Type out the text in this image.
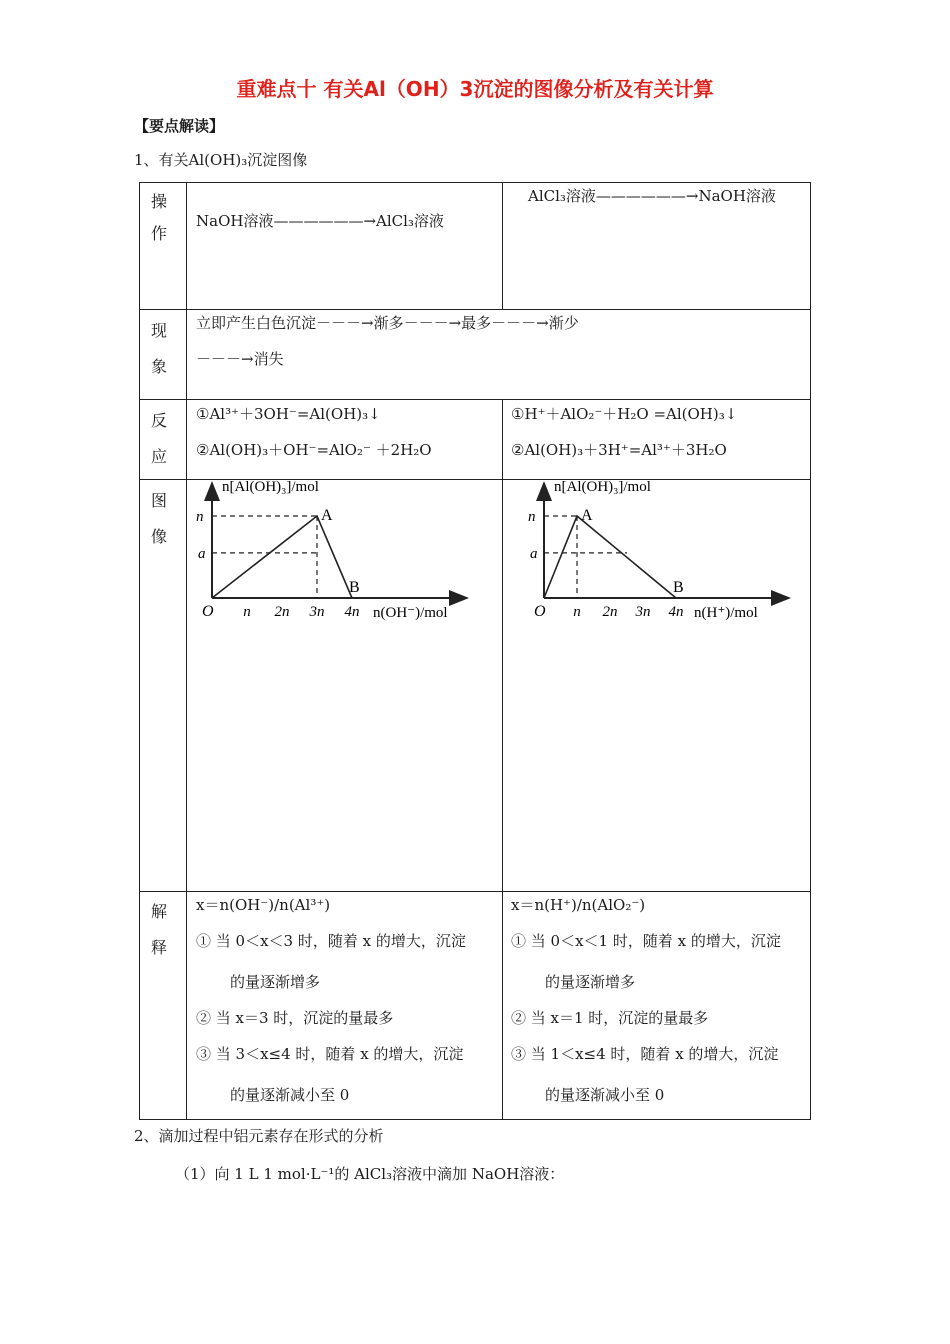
重难点十 有关Al（OH）3沉淀的图像分析及有关计算
【要点解读】
1、有关Al(OH)₃沉淀图像
操
作
现
象
反
应
图
像
解
释
NaOH溶液——————→AlCl₃溶液
AlCl₃溶液——————→NaOH溶液
立即产生白色沉淀－－－→渐多－－－→最多－－－→渐少
－－－→消失
①Al³⁺＋3OH⁻=Al(OH)₃↓
②Al(OH)₃＋OH⁻=AlO₂⁻ ＋2H₂O
①H⁺＋AlO₂⁻＋H₂O =Al(OH)₃↓
②Al(OH)₃＋3H⁺=Al³⁺＋3H₂O
A
B
O
n
a
n 2n 3n 4n
n[Al(OH)₃]/mol
n(OH⁻)/mol
A
B
O
n
a
n 2n 3n 4n
n[Al(OH)₃]/mol
n(H⁺)/mol
x＝n(OH⁻)/n(Al³⁺)
① 当 0＜x＜3 时，随着 x 的增大，沉淀
的量逐渐增多
② 当 x＝3 时，沉淀的量最多
③ 当 3＜x≤4 时，随着 x 的增大，沉淀
的量逐渐减小至 0
x＝n(H⁺)/n(AlO₂⁻)
① 当 0＜x＜1 时，随着 x 的增大，沉淀
的量逐渐增多
② 当 x＝1 时，沉淀的量最多
③ 当 1＜x≤4 时，随着 x 的增大，沉淀
的量逐渐减小至 0
2、滴加过程中铝元素存在形式的分析
（1）向 1 L 1 mol·L⁻¹的 AlCl₃溶液中滴加 NaOH溶液：
